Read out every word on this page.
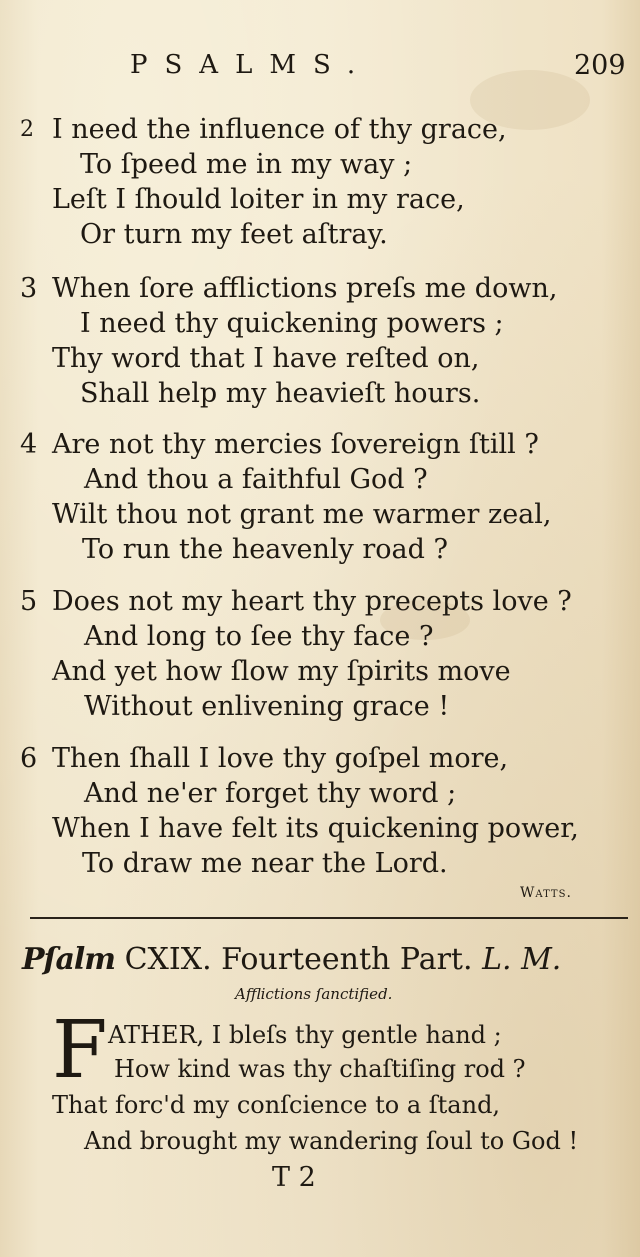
PSALMS.	209
2 I need the influence of thy grace,
To ſpeed me in my way ;
Leſt I ſhould loiter in my race,
Or turn my feet aſtray.
3 When ſore afflictions preſs me down,
I need thy quickening powers ;
Thy word that I have reſted on,
Shall help my heavieſt hours.
4 Are not thy mercies ſovereign ſtill ?
And thou a faithful God ?
Wilt thou not grant me warmer zeal,
To run the heavenly road ?
5 Does not my heart thy precepts love ?
And long to ſee thy face ?
And yet how ſlow my ſpirits move
Without enlivening grace !
6 Then ſhall I love thy goſpel more,
And ne'er forget thy word ;
When I have felt its quickening power,
To draw me near the Lord.
Watts.
Pſalm CXIX. Fourteenth Part. L. M.
Afflictions ſanctified.
F ATHER, I bleſs thy gentle hand ;
How kind was thy chaſtiſing rod ?
That forc'd my conſcience to a ſtand,
And brought my wandering ſoul to God !
T 2
